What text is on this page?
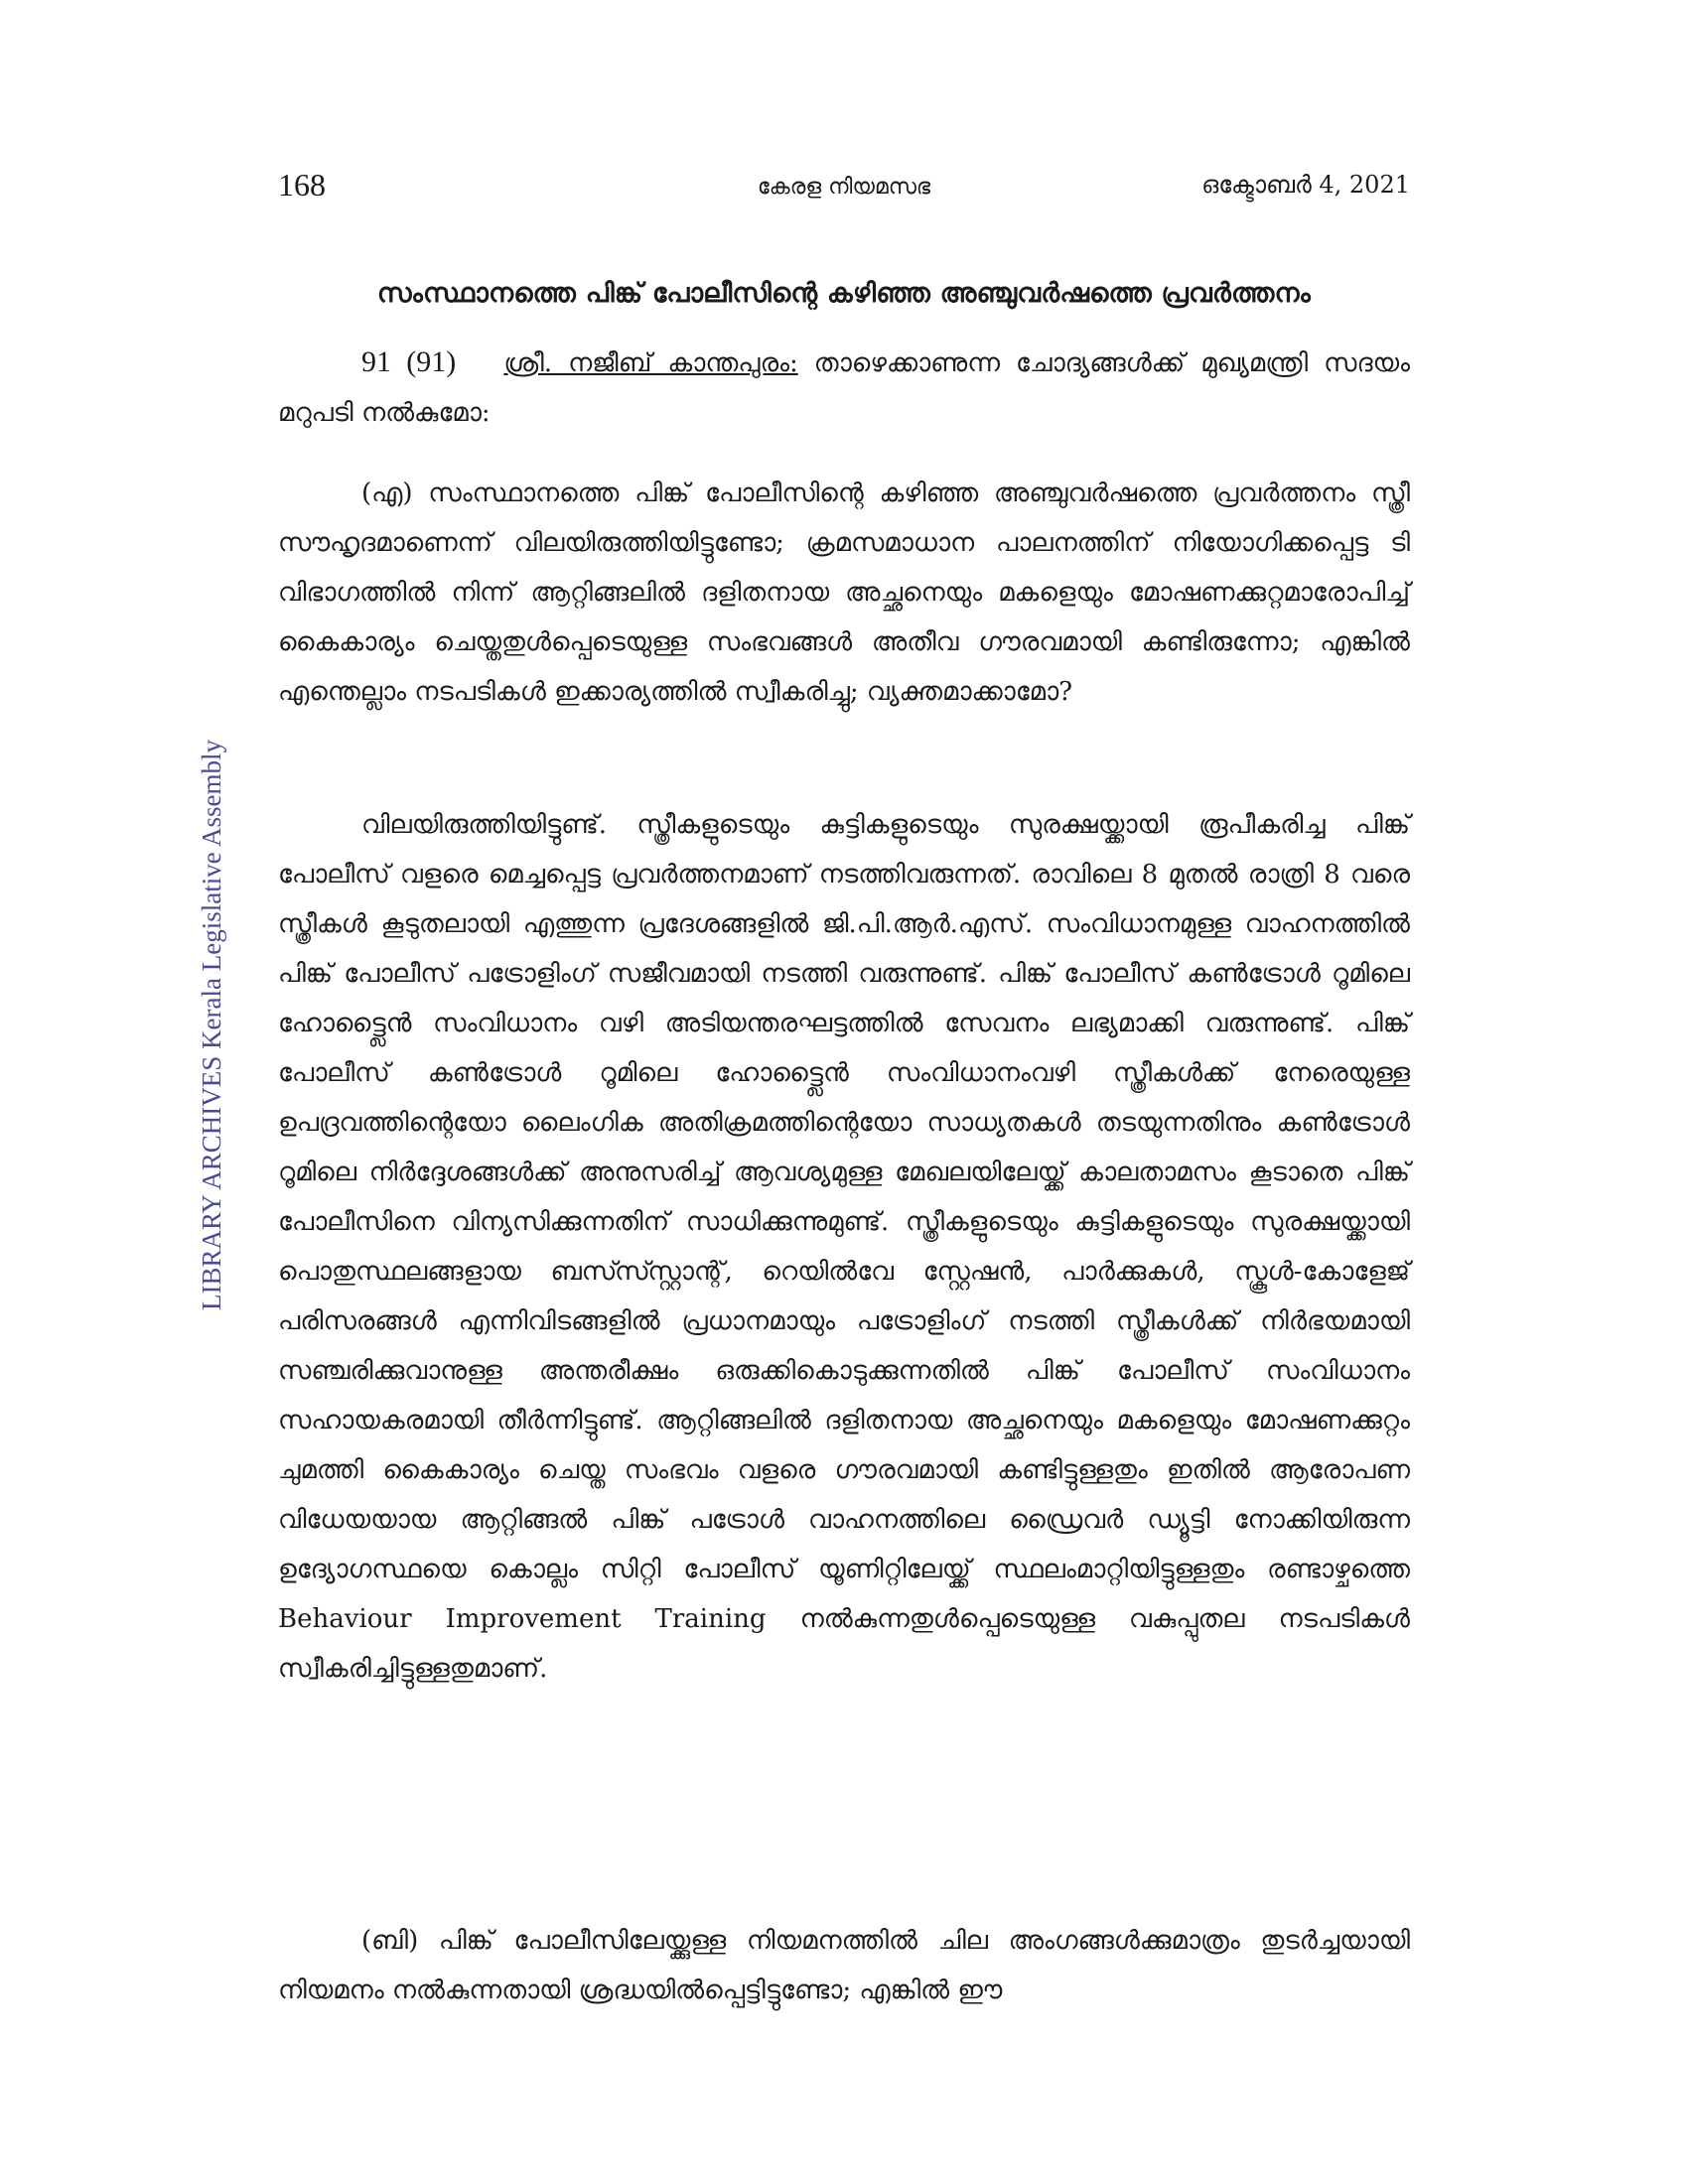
168	കേരള നിയമസഭ	ഒക്ടോബർ 4, 2021
സംസ്ഥാനത്തെ പിങ്ക് പോലീസിന്റെ കഴിഞ്ഞ അഞ്ചുവർഷത്തെ പ്രവർത്തനം

91 (91) ശ്രീ. നജീബ് കാന്തപുരം: താഴെക്കാണുന്ന ചോദ്യങ്ങൾക്ക് മുഖ്യമന്ത്രി സദയം മറുപടി നൽകുമോ:

(എ) സംസ്ഥാനത്തെ പിങ്ക് പോലീസിന്റെ കഴിഞ്ഞ അഞ്ചുവർഷത്തെ പ്രവർത്തനം സ്ത്രീ സൗഹൃദമാണെന്ന് വിലയിരുത്തിയിട്ടുണ്ടോ; ക്രമസമാധാന പാലനത്തിന് നിയോഗിക്കപ്പെട്ട ടി വിഭാഗത്തിൽ നിന്ന് ആറ്റിങ്ങലിൽ ദളിതനായ അച്ഛനെയും മകളെയും മോഷണക്കുറ്റമാരോപിച്ച് കൈകാര്യം ചെയ്തതുൾപ്പെടെയുള്ള സംഭവങ്ങൾ അതീവ ഗൗരവമായി കണ്ടിരുന്നോ; എങ്കിൽ എന്തെല്ലാം നടപടികൾ ഇക്കാര്യത്തിൽ സ്വീകരിച്ചു; വ്യക്തമാക്കാമോ?

വിലയിരുത്തിയിട്ടുണ്ട്. സ്ത്രീകളുടെയും കുട്ടികളുടെയും സുരക്ഷയ്ക്കായി രൂപീകരിച്ച പിങ്ക് പോലീസ് വളരെ മെച്ചപ്പെട്ട പ്രവർത്തനമാണ് നടത്തിവരുന്നത്. രാവിലെ 8 മുതൽ രാത്രി 8 വരെ സ്ത്രീകൾ കൂടുതലായി എത്തുന്ന പ്രദേശങ്ങളിൽ ജി.പി.ആർ.എസ്. സംവിധാനമുള്ള വാഹനത്തിൽ പിങ്ക് പോലീസ് പട്രോളിംഗ് സജീവമായി നടത്തി വരുന്നുണ്ട്. പിങ്ക് പോലീസ് കൺട്രോൾ റൂമിലെ ഹോട്ട്ലൈൻ സംവിധാനം വഴി അടിയന്തരഘട്ടത്തിൽ സേവനം ലഭ്യമാക്കി വരുന്നുണ്ട്. പിങ്ക് പോലീസ് കൺട്രോൾ റൂമിലെ ഹോട്ട്ലൈൻ സംവിധാനംവഴി സ്ത്രീകൾക്ക് നേരെയുള്ള ഉപദ്രവത്തിന്റെയോ ലൈംഗിക അതിക്രമത്തിന്റെയോ സാധ്യതകൾ തടയുന്നതിനും കൺട്രോൾ റൂമിലെ നിർദ്ദേശങ്ങൾക്ക് അനുസരിച്ച് ആവശ്യമുള്ള മേഖലയിലേയ്ക്ക് കാലതാമസം കൂടാതെ പിങ്ക് പോലീസിനെ വിന്യസിക്കുന്നതിന് സാധിക്കുന്നുമുണ്ട്. സ്ത്രീകളുടെയും കുട്ടികളുടെയും സുരക്ഷയ്ക്കായി പൊതുസ്ഥലങ്ങളായ ബസ്സ്സ്റ്റാന്റ്, റെയിൽവേ സ്റ്റേഷൻ, പാർക്കുകൾ, സ്കൂൾ-കോളേജ് പരിസരങ്ങൾ എന്നിവിടങ്ങളിൽ പ്രധാനമായും പട്രോളിംഗ് നടത്തി സ്ത്രീകൾക്ക് നിർഭയമായി സഞ്ചരിക്കുവാനുള്ള അന്തരീക്ഷം ഒരുക്കികൊടുക്കുന്നതിൽ പിങ്ക് പോലീസ് സംവിധാനം സഹായകരമായി തീർന്നിട്ടുണ്ട്. ആറ്റിങ്ങലിൽ ദളിതനായ അച്ഛനെയും മകളെയും മോഷണക്കുറ്റം ചുമത്തി കൈകാര്യം ചെയ്ത സംഭവം വളരെ ഗൗരവമായി കണ്ടിട്ടുള്ളതും ഇതിൽ ആരോപണ വിധേയയായ ആറ്റിങ്ങൽ പിങ്ക് പട്രോൾ വാഹനത്തിലെ ഡ്രൈവർ ഡ്യൂട്ടി നോക്കിയിരുന്ന ഉദ്യോഗസ്ഥയെ കൊല്ലം സിറ്റി പോലീസ് യൂണിറ്റിലേയ്ക്ക് സ്ഥലംമാറ്റിയിട്ടുള്ളതും രണ്ടാഴ്ചത്തെ Behaviour Improvement Training നൽകുന്നതുൾപ്പെടെയുള്ള വകുപ്പുതല നടപടികൾ സ്വീകരിച്ചിട്ടുള്ളതുമാണ്.

(ബി) പിങ്ക് പോലീസിലേയ്ക്കുള്ള നിയമനത്തിൽ ചില അംഗങ്ങൾക്കുമാത്രം തുടർച്ചയായി നിയമനം നൽകുന്നതായി ശ്രദ്ധയിൽപ്പെട്ടിട്ടുണ്ടോ; എങ്കിൽ ഈ

LIBRARY ARCHIVES Kerala Legislative Assembly
